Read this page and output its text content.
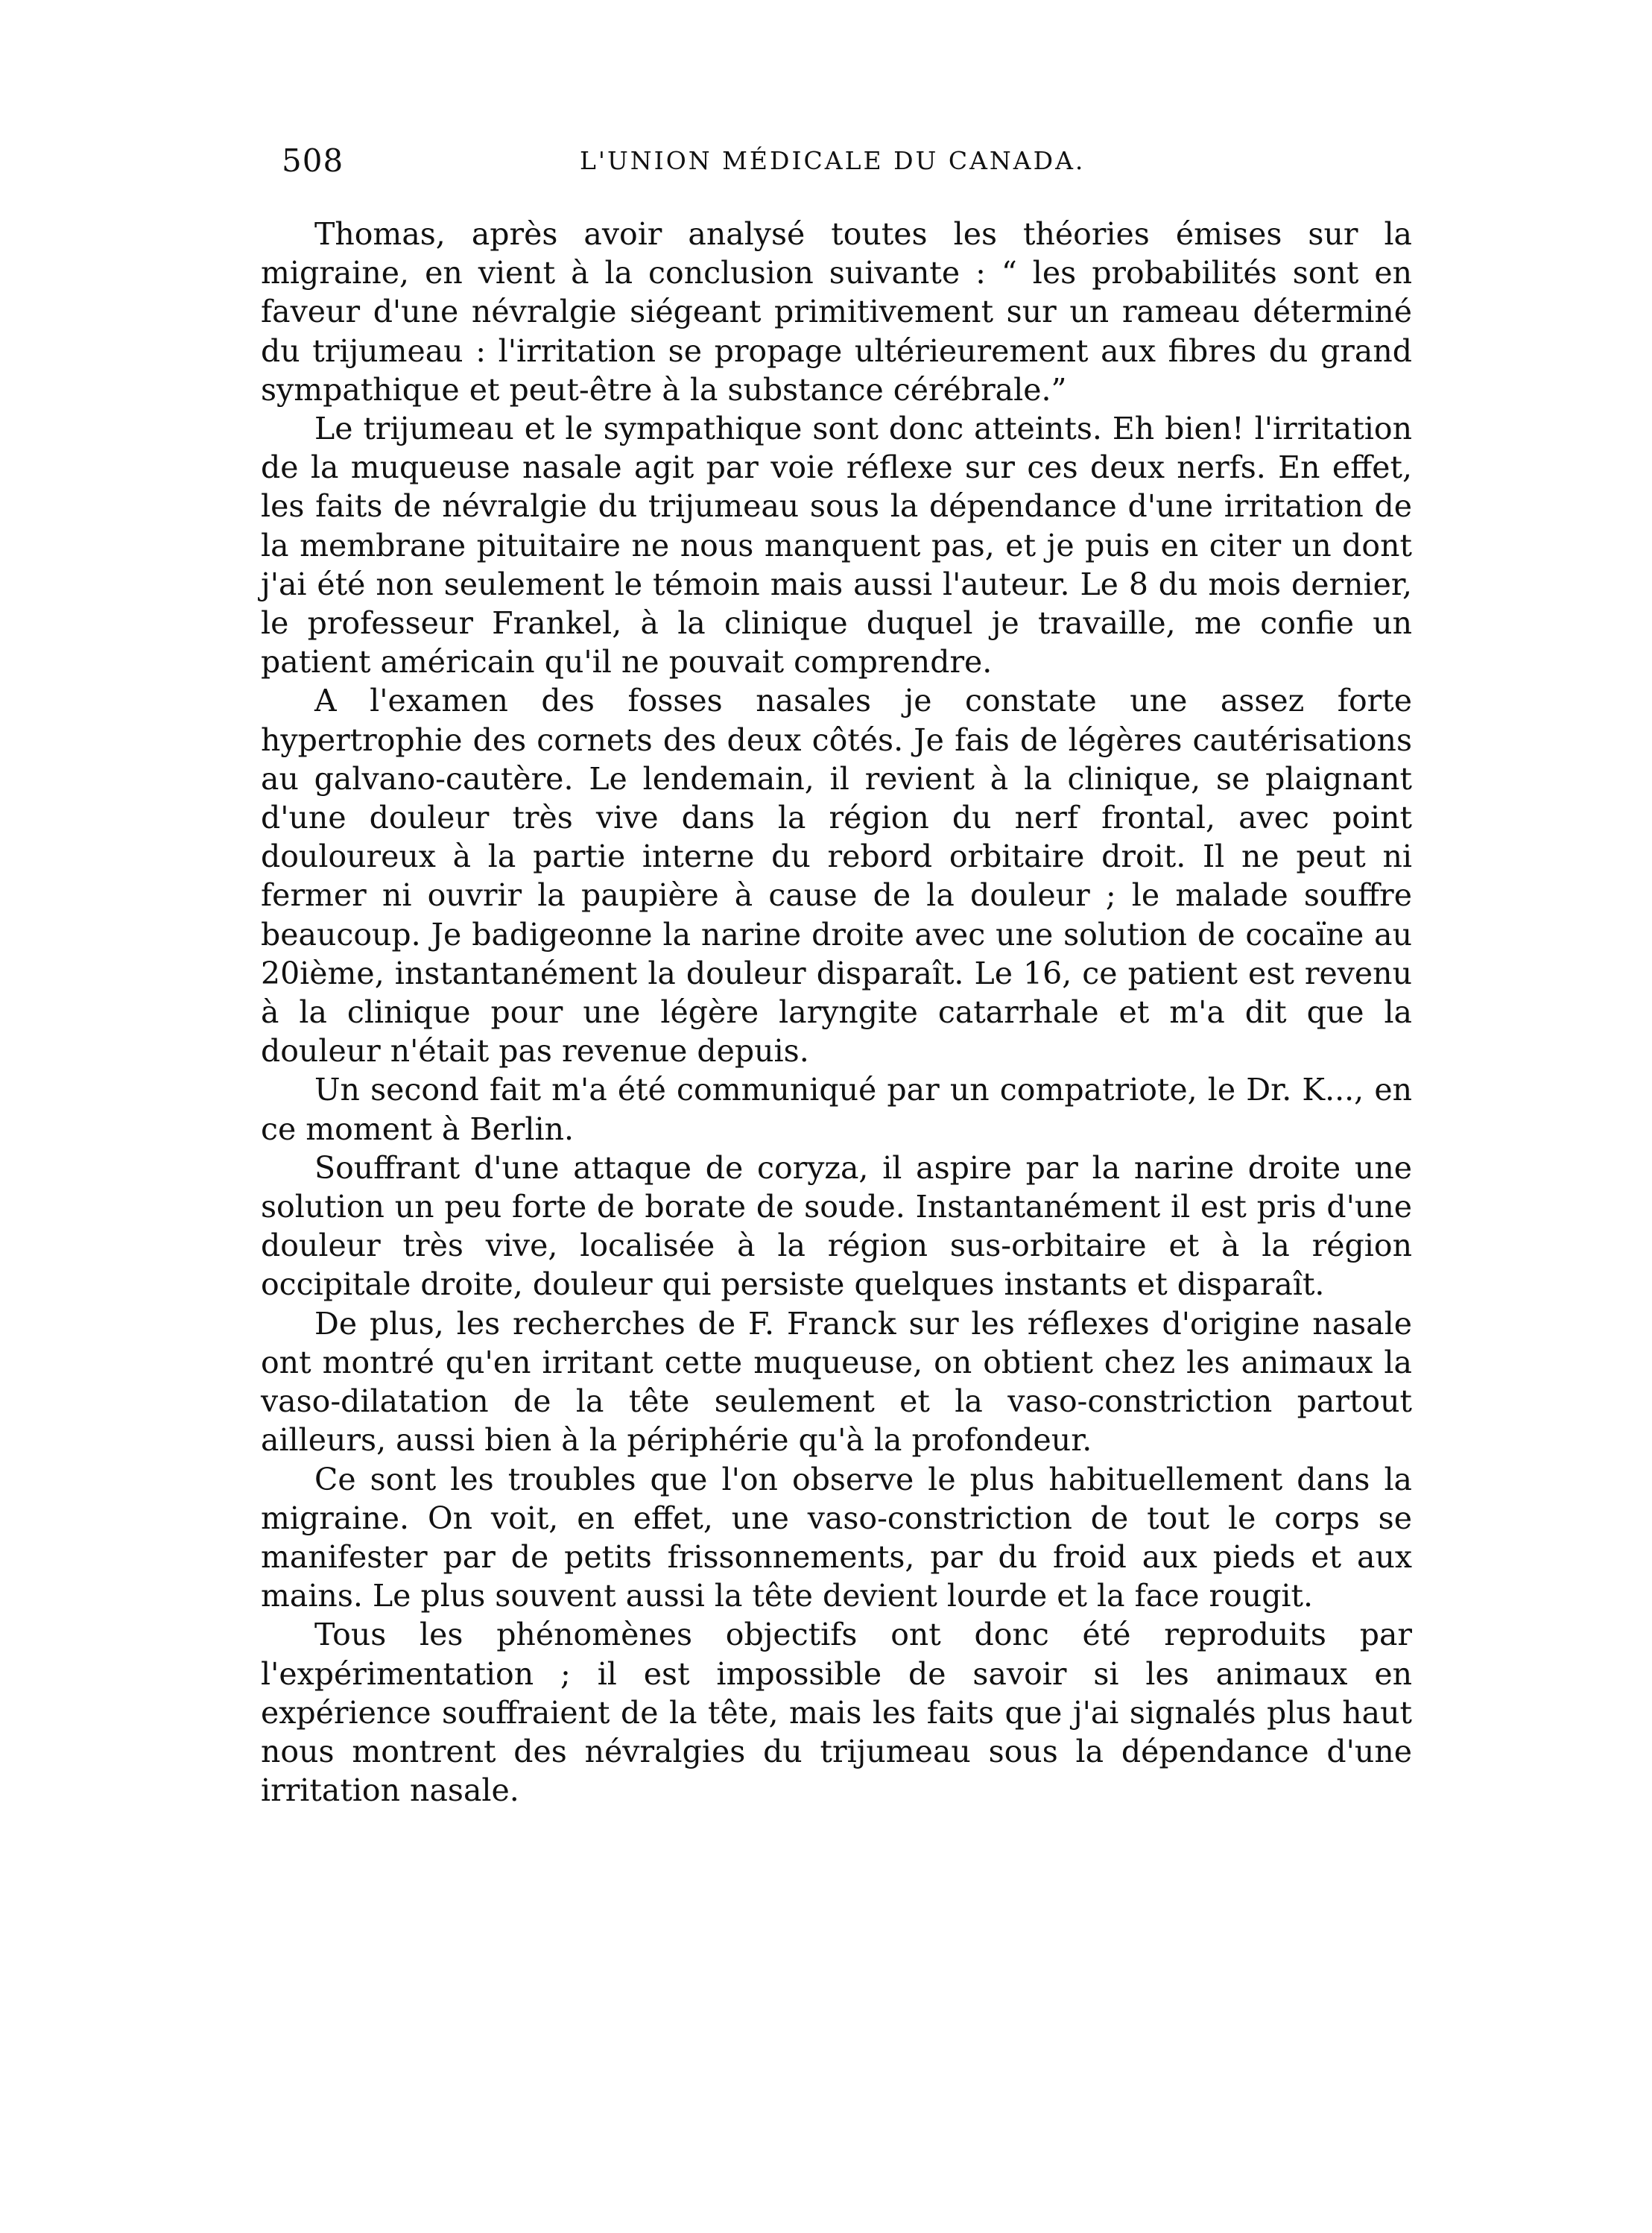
508	L'UNION MÉDICALE DU CANADA.

Thomas, après avoir analysé toutes les théories émises sur la migraine, en vient à la conclusion suivante : “ les probabilités sont en faveur d'une névralgie siégeant primitivement sur un rameau déterminé du trijumeau : l'irritation se propage ultérieurement aux fibres du grand sympathique et peut-être à la substance cérébrale.”

Le trijumeau et le sympathique sont donc atteints. Eh bien! l'irritation de la muqueuse nasale agit par voie réflexe sur ces deux nerfs. En effet, les faits de névralgie du trijumeau sous la dépendance d'une irritation de la membrane pituitaire ne nous manquent pas, et je puis en citer un dont j'ai été non seulement le témoin mais aussi l'auteur. Le 8 du mois dernier, le professeur Frankel, à la clinique duquel je travaille, me confie un patient américain qu'il ne pouvait comprendre.

A l'examen des fosses nasales je constate une assez forte hypertrophie des cornets des deux côtés. Je fais de légères cautérisations au galvano-cautère. Le lendemain, il revient à la clinique, se plaignant d'une douleur très vive dans la région du nerf frontal, avec point douloureux à la partie interne du rebord orbitaire droit. Il ne peut ni fermer ni ouvrir la paupière à cause de la douleur ; le malade souffre beaucoup. Je badigeonne la narine droite avec une solution de cocaïne au 20ième, instantanément la douleur disparaît. Le 16, ce patient est revenu à la clinique pour une légère laryngite catarrhale et m'a dit que la douleur n'était pas revenue depuis.

Un second fait m'a été communiqué par un compatriote, le Dr. K..., en ce moment à Berlin.

Souffrant d'une attaque de coryza, il aspire par la narine droite une solution un peu forte de borate de soude. Instantanément il est pris d'une douleur très vive, localisée à la région sus-orbitaire et à la région occipitale droite, douleur qui persiste quelques instants et disparaît.

De plus, les recherches de F. Franck sur les réflexes d'origine nasale ont montré qu'en irritant cette muqueuse, on obtient chez les animaux la vaso-dilatation de la tête seulement et la vaso-constriction partout ailleurs, aussi bien à la périphérie qu'à la profondeur.

Ce sont les troubles que l'on observe le plus habituellement dans la migraine. On voit, en effet, une vaso-constriction de tout le corps se manifester par de petits frissonnements, par du froid aux pieds et aux mains. Le plus souvent aussi la tête devient lourde et la face rougit.

Tous les phénomènes objectifs ont donc été reproduits par l'expérimentation ; il est impossible de savoir si les animaux en expérience souffraient de la tête, mais les faits que j'ai signalés plus haut nous montrent des névralgies du trijumeau sous la dépendance d'une irritation nasale.
